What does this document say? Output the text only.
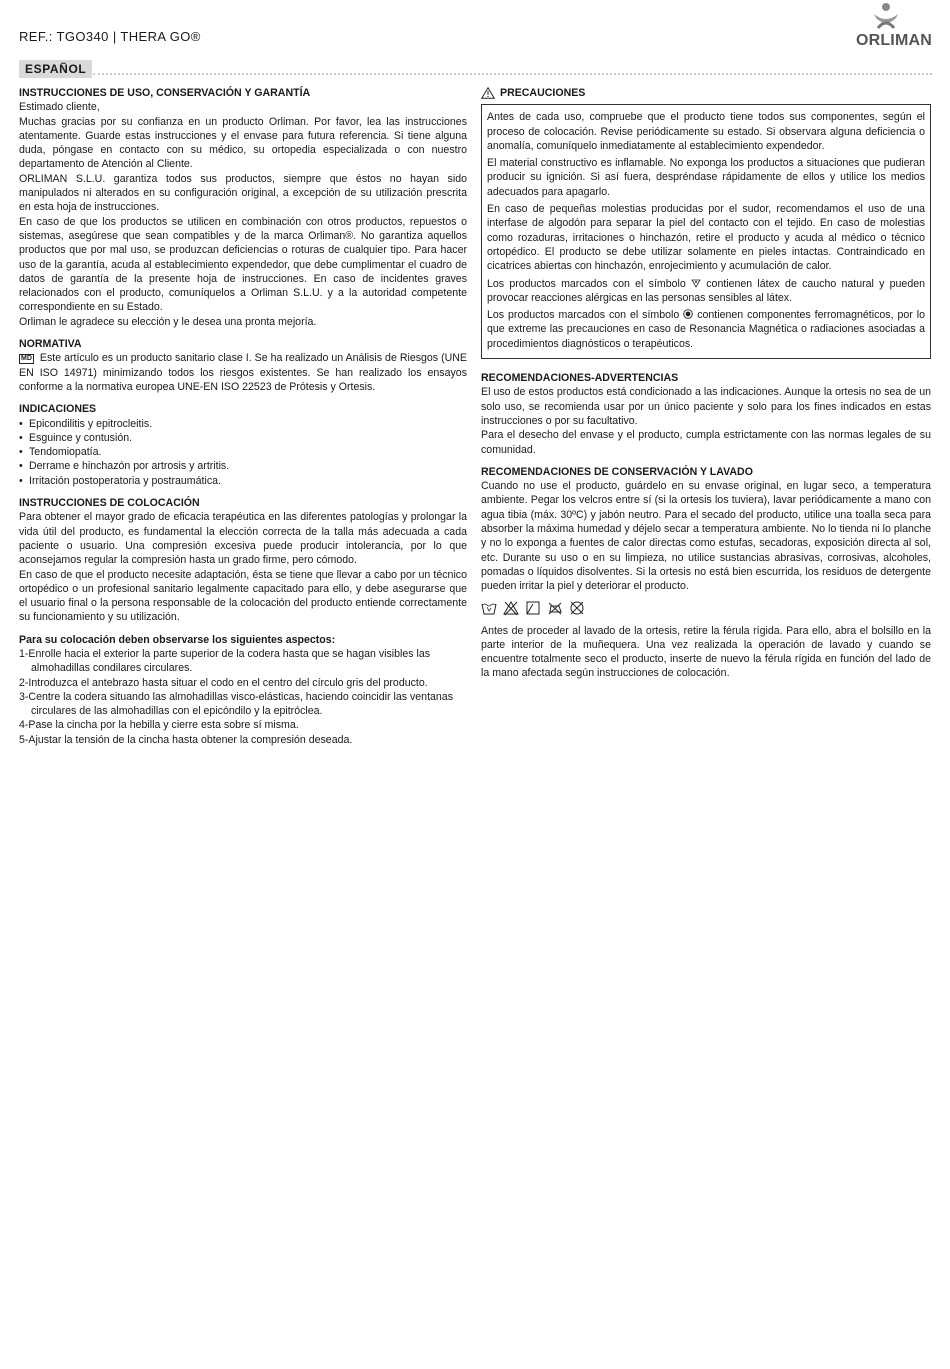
REF.: TGO340 | THERA GO®	ORLIMAN
ESPAÑOL

INSTRUCCIONES DE USO, CONSERVACIÓN Y GARANTÍA

Estimado cliente,

Muchas gracias por su confianza en un producto Orliman. Por favor, lea las instrucciones atentamente. Guarde estas instrucciones y el envase para futura referencia. Si tiene alguna duda, póngase en contacto con su médico, su ortopedia especializada o con nuestro departamento de Atención al Cliente.

ORLIMAN S.L.U. garantiza todos sus productos, siempre que éstos no hayan sido manipulados ni alterados en su configuración original, a excepción de su utilización prescrita en esta hoja de instrucciones.

En caso de que los productos se utilicen en combinación con otros productos, repuestos o sistemas, asegúrese que sean compatibles y de la marca Orliman®. No garantiza aquellos productos que por mal uso, se produzcan deficiencias o roturas de cualquier tipo. Para hacer uso de la garantía, acuda al establecimiento expendedor, que debe cumplimentar el cuadro de datos de garantía de la presente hoja de instrucciones. En caso de incidentes graves relacionados con el producto, comuníquelos a Orliman S.L.U. y a la autoridad competente correspondiente en su Estado.

Orliman le agradece su elección y le desea una pronta mejoría.

NORMATIVA

MD Este artículo es un producto sanitario clase I. Se ha realizado un Análisis de Riesgos (UNE EN ISO 14971) minimizando todos los riesgos existentes. Se han realizado los ensayos conforme a la normativa europea UNE-EN ISO 22523 de Prótesis y Ortesis.

INDICACIONES

• Epicondilitis y epitrocleitis.
• Esguince y contusión.
• Tendomiopatía.
• Derrame e hinchazón por artrosis y artritis.
• Irritación postoperatoria y postraumática.

INSTRUCCIONES DE COLOCACIÓN

Para obtener el mayor grado de eficacia terapéutica en las diferentes patologías y prolongar la vida útil del producto, es fundamental la elección correcta de la talla más adecuada a cada paciente o usuario. Una compresión excesiva puede producir intolerancia, por lo que aconsejamos regular la compresión hasta un grado firme, pero cómodo.

En caso de que el producto necesite adaptación, ésta se tiene que llevar a cabo por un técnico ortopédico o un profesional sanitario legalmente capacitado para ello, y debe asegurarse que el usuario final o la persona responsable de la colocación del producto entiende correctamente su funcionamiento y su utilización.

Para su colocación deben observarse los siguientes aspectos:

1-Enrolle hacia el exterior la parte superior de la codera hasta que se hagan visibles las almohadillas condilares circulares.
2-Introduzca el antebrazo hasta situar el codo en el centro del círculo gris del producto.
3-Centre la codera situando las almohadillas visco-elásticas, haciendo coincidir las ventanas circulares de las almohadillas con el epicóndilo y la epitróclea.
4-Pase la cincha por la hebilla y cierre esta sobre sí misma.
5-Ajustar la tensión de la cincha hasta obtener la compresión deseada.
PRECAUCIONES

Antes de cada uso, compruebe que el producto tiene todos sus componentes, según el proceso de colocación. Revise periódicamente su estado. Si observara alguna deficiencia o anomalía, comuníquelo inmediatamente al establecimiento expendedor.

El material constructivo es inflamable. No exponga los productos a situaciones que pudieran producir su ignición. Si así fuera, despréndase rápidamente de ellos y utilice los medios adecuados para apagarlo.

En caso de pequeñas molestias producidas por el sudor, recomendamos el uso de una interfase de algodón para separar la piel del contacto con el tejido. En caso de molestias como rozaduras, irritaciones o hinchazón, retire el producto y acuda al médico o técnico ortopédico. El producto se debe utilizar solamente en pieles intactas. Contraindicado en cicatrices abiertas con hinchazón, enrojecimiento y acumulación de calor.

Los productos marcados con el símbolo contienen látex de caucho natural y pueden provocar reacciones alérgicas en las personas sensibles al látex.

Los productos marcados con el símbolo contienen componentes ferromagnéticos, por lo que extreme las precauciones en caso de Resonancia Magnética o radiaciones asociadas a procedimientos diagnósticos o terapéuticos.

RECOMENDACIONES-ADVERTENCIAS

El uso de estos productos está condicionado a las indicaciones. Aunque la ortesis no sea de un solo uso, se recomienda usar por un único paciente y solo para los fines indicados en estas instrucciones o por su facultativo.

Para el desecho del envase y el producto, cumpla estrictamente con las normas legales de su comunidad.

RECOMENDACIONES DE CONSERVACIÓN Y LAVADO

Cuando no use el producto, guárdelo en su envase original, en lugar seco, a temperatura ambiente. Pegar los velcros entre sí (si la ortesis los tuviera), lavar periódicamente a mano con agua tibia (máx. 30ºC) y jabón neutro. Para el secado del producto, utilice una toalla seca para absorber la máxima humedad y déjelo secar a temperatura ambiente. No lo tienda ni lo planche y no lo exponga a fuentes de calor directas como estufas, secadoras, exposición directa al sol, etc. Durante su uso o en su limpieza, no utilice sustancias abrasivas, corrosivas, alcoholes, pomadas o líquidos disolventes. Si la ortesis no está bien escurrida, los residuos de detergente pueden irritar la piel y deteriorar el producto.

Antes de proceder al lavado de la ortesis, retire la férula rígida. Para ello, abra el bolsillo en la parte interior de la muñequera. Una vez realizada la operación de lavado y cuando se encuentre totalmente seco el producto, inserte de nuevo la férula rígida en función del lado de la mano afectada según instrucciones de colocación.
